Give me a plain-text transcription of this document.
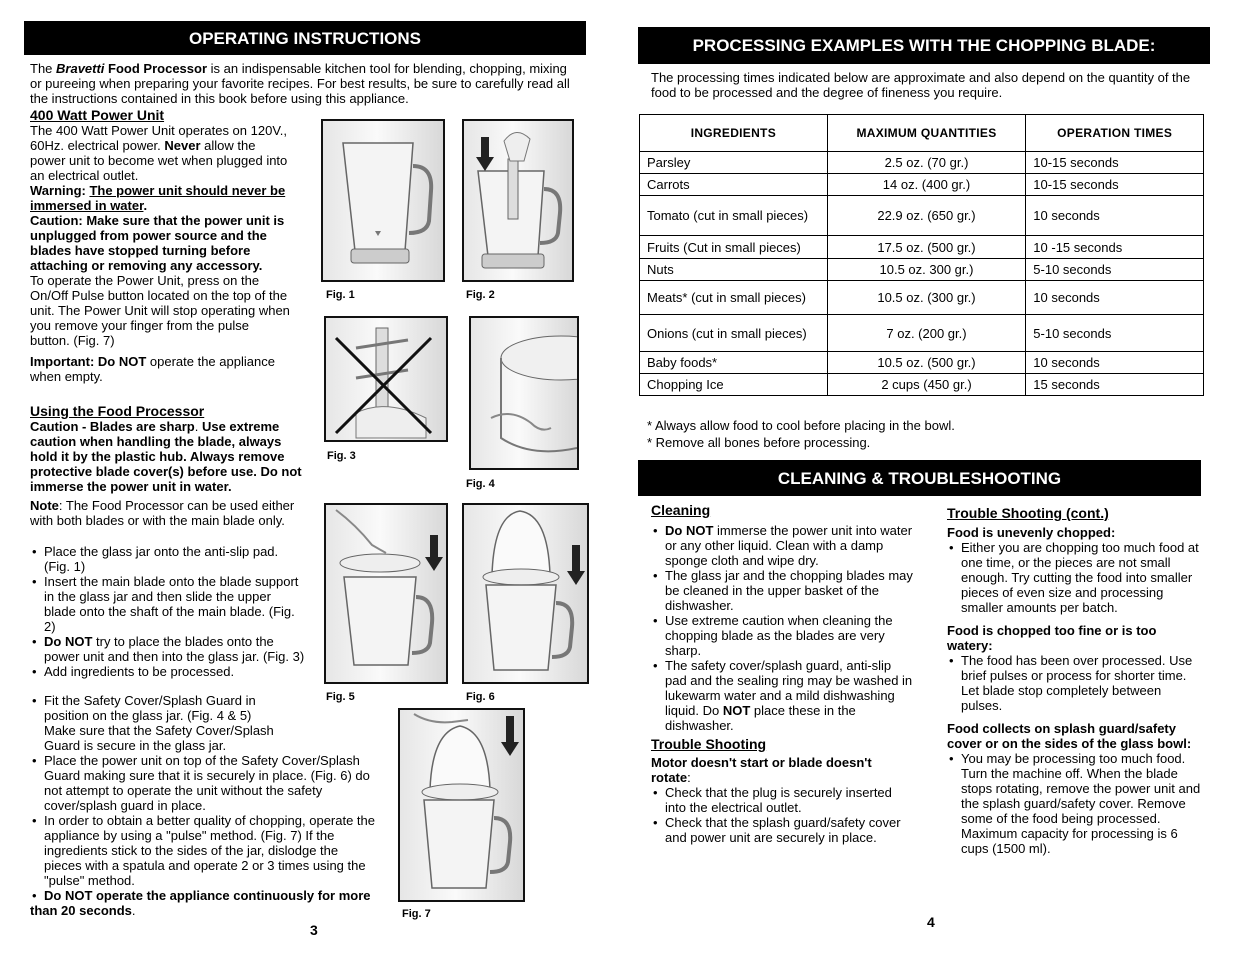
OPERATING INSTRUCTIONS
The Bravetti Food Processor is an indispensable kitchen tool for blending, chopping, mixing or pureeing when preparing your favorite recipes. For best results, be sure to carefully read all the instructions contained in this book before using this appliance.
400 Watt Power Unit
The 400 Watt Power Unit operates on 120V., 60Hz. electrical power. Never allow the power unit to become wet when plugged into an electrical outlet.
Warning: The power unit should never be immersed in water.
Caution: Make sure that the power unit is unplugged from power source and the blades have stopped turning before attaching or removing any accessory.
To operate the Power Unit, press on the On/Off Pulse button located on the top of the unit. The Power Unit will stop operating when you remove your finger from the pulse button. (Fig. 7)
Important: Do NOT operate the appliance when empty.
Using the Food Processor
Caution - Blades are sharp. Use extreme caution when handling the blade, always hold it by the plastic hub. Always remove protective blade cover(s) before use. Do not immerse the power unit in water.
Note: The Food Processor can be used either with both blades or with the main blade only.
• Place the glass jar onto the anti-slip pad. (Fig. 1)
• Insert the main blade onto the blade support in the glass jar and then slide the upper blade onto the shaft of the main blade. (Fig. 2)
• Do NOT try to place the blades onto the power unit and then into the glass jar. (Fig. 3)
• Add ingredients to be processed.
• Fit the Safety Cover/Splash Guard in position on the glass jar. (Fig. 4 & 5) Make sure that the Safety Cover/Splash Guard is secure in the glass jar.
• Place the power unit on top of the Safety Cover/Splash Guard making sure that it is securely in place. (Fig. 6) do not attempt to operate the unit without the safety cover/splash guard in place.
• In order to obtain a better quality of chopping, operate the appliance by using a "pulse" method. (Fig. 7) If the ingredients stick to the sides of the jar, dislodge the pieces with a spatula and operate 2 or 3 times using the "pulse" method.
• Do NOT operate the appliance continuously for more than 20 seconds.
Fig. 1	Fig. 2
Fig. 3
Fig. 4
Fig. 5	Fig. 6
Fig. 7
3
PROCESSING EXAMPLES WITH THE CHOPPING BLADE:
The processing times indicated below are approximate and also depend on the quantity of the food to be processed and the degree of fineness you require.
INGREDIENTS	MAXIMUM QUANTITIES	OPERATION TIMES
Parsley	2.5 oz. (70 gr.)	10-15 seconds
Carrots	14 oz. (400 gr.)	10-15 seconds
Tomato (cut in small pieces)	22.9 oz. (650 gr.)	10 seconds
Fruits (Cut in small pieces)	17.5 oz. (500 gr.)	10 -15 seconds
Nuts	10.5 oz. 300 gr.)	5-10 seconds
Meats* (cut in small pieces)	10.5 oz. (300 gr.)	10 seconds
Onions (cut in small pieces)	7 oz. (200 gr.)	5-10 seconds
Baby foods*	10.5 oz. (500 gr.)	10 seconds
Chopping Ice	2 cups (450 gr.)	15 seconds
* Always allow food to cool before placing in the bowl.
* Remove all bones before processing.
CLEANING & TROUBLESHOOTING
Cleaning
• Do NOT immerse the power unit into water or any other liquid. Clean with a damp sponge cloth and wipe dry.
• The glass jar and the chopping blades may be cleaned in the upper basket of the dishwasher.
• Use extreme caution when cleaning the chopping blade as the blades are very sharp.
• The safety cover/splash guard, anti-slip pad and the sealing ring may be washed in lukewarm water and a mild dishwashing liquid. Do NOT place these in the dishwasher.
Trouble Shooting
Motor doesn't start or blade doesn't rotate:
• Check that the plug is securely inserted into the electrical outlet.
• Check that the splash guard/safety cover and power unit are securely in place.
Trouble Shooting (cont.)
Food is unevenly chopped:
• Either you are chopping too much food at one time, or the pieces are not small enough. Try cutting the food into smaller pieces of even size and processing smaller amounts per batch.
Food is chopped too fine or is too watery:
• The food has been over processed. Use brief pulses or process for shorter time. Let blade stop completely between pulses.
Food collects on splash guard/safety cover or on the sides of the glass bowl:
• You may be processing too much food. Turn the machine off. When the blade stops rotating, remove the power unit and the splash guard/safety cover. Remove some of the food being processed. Maximum capacity for processing is 6 cups (1500 ml).
4
